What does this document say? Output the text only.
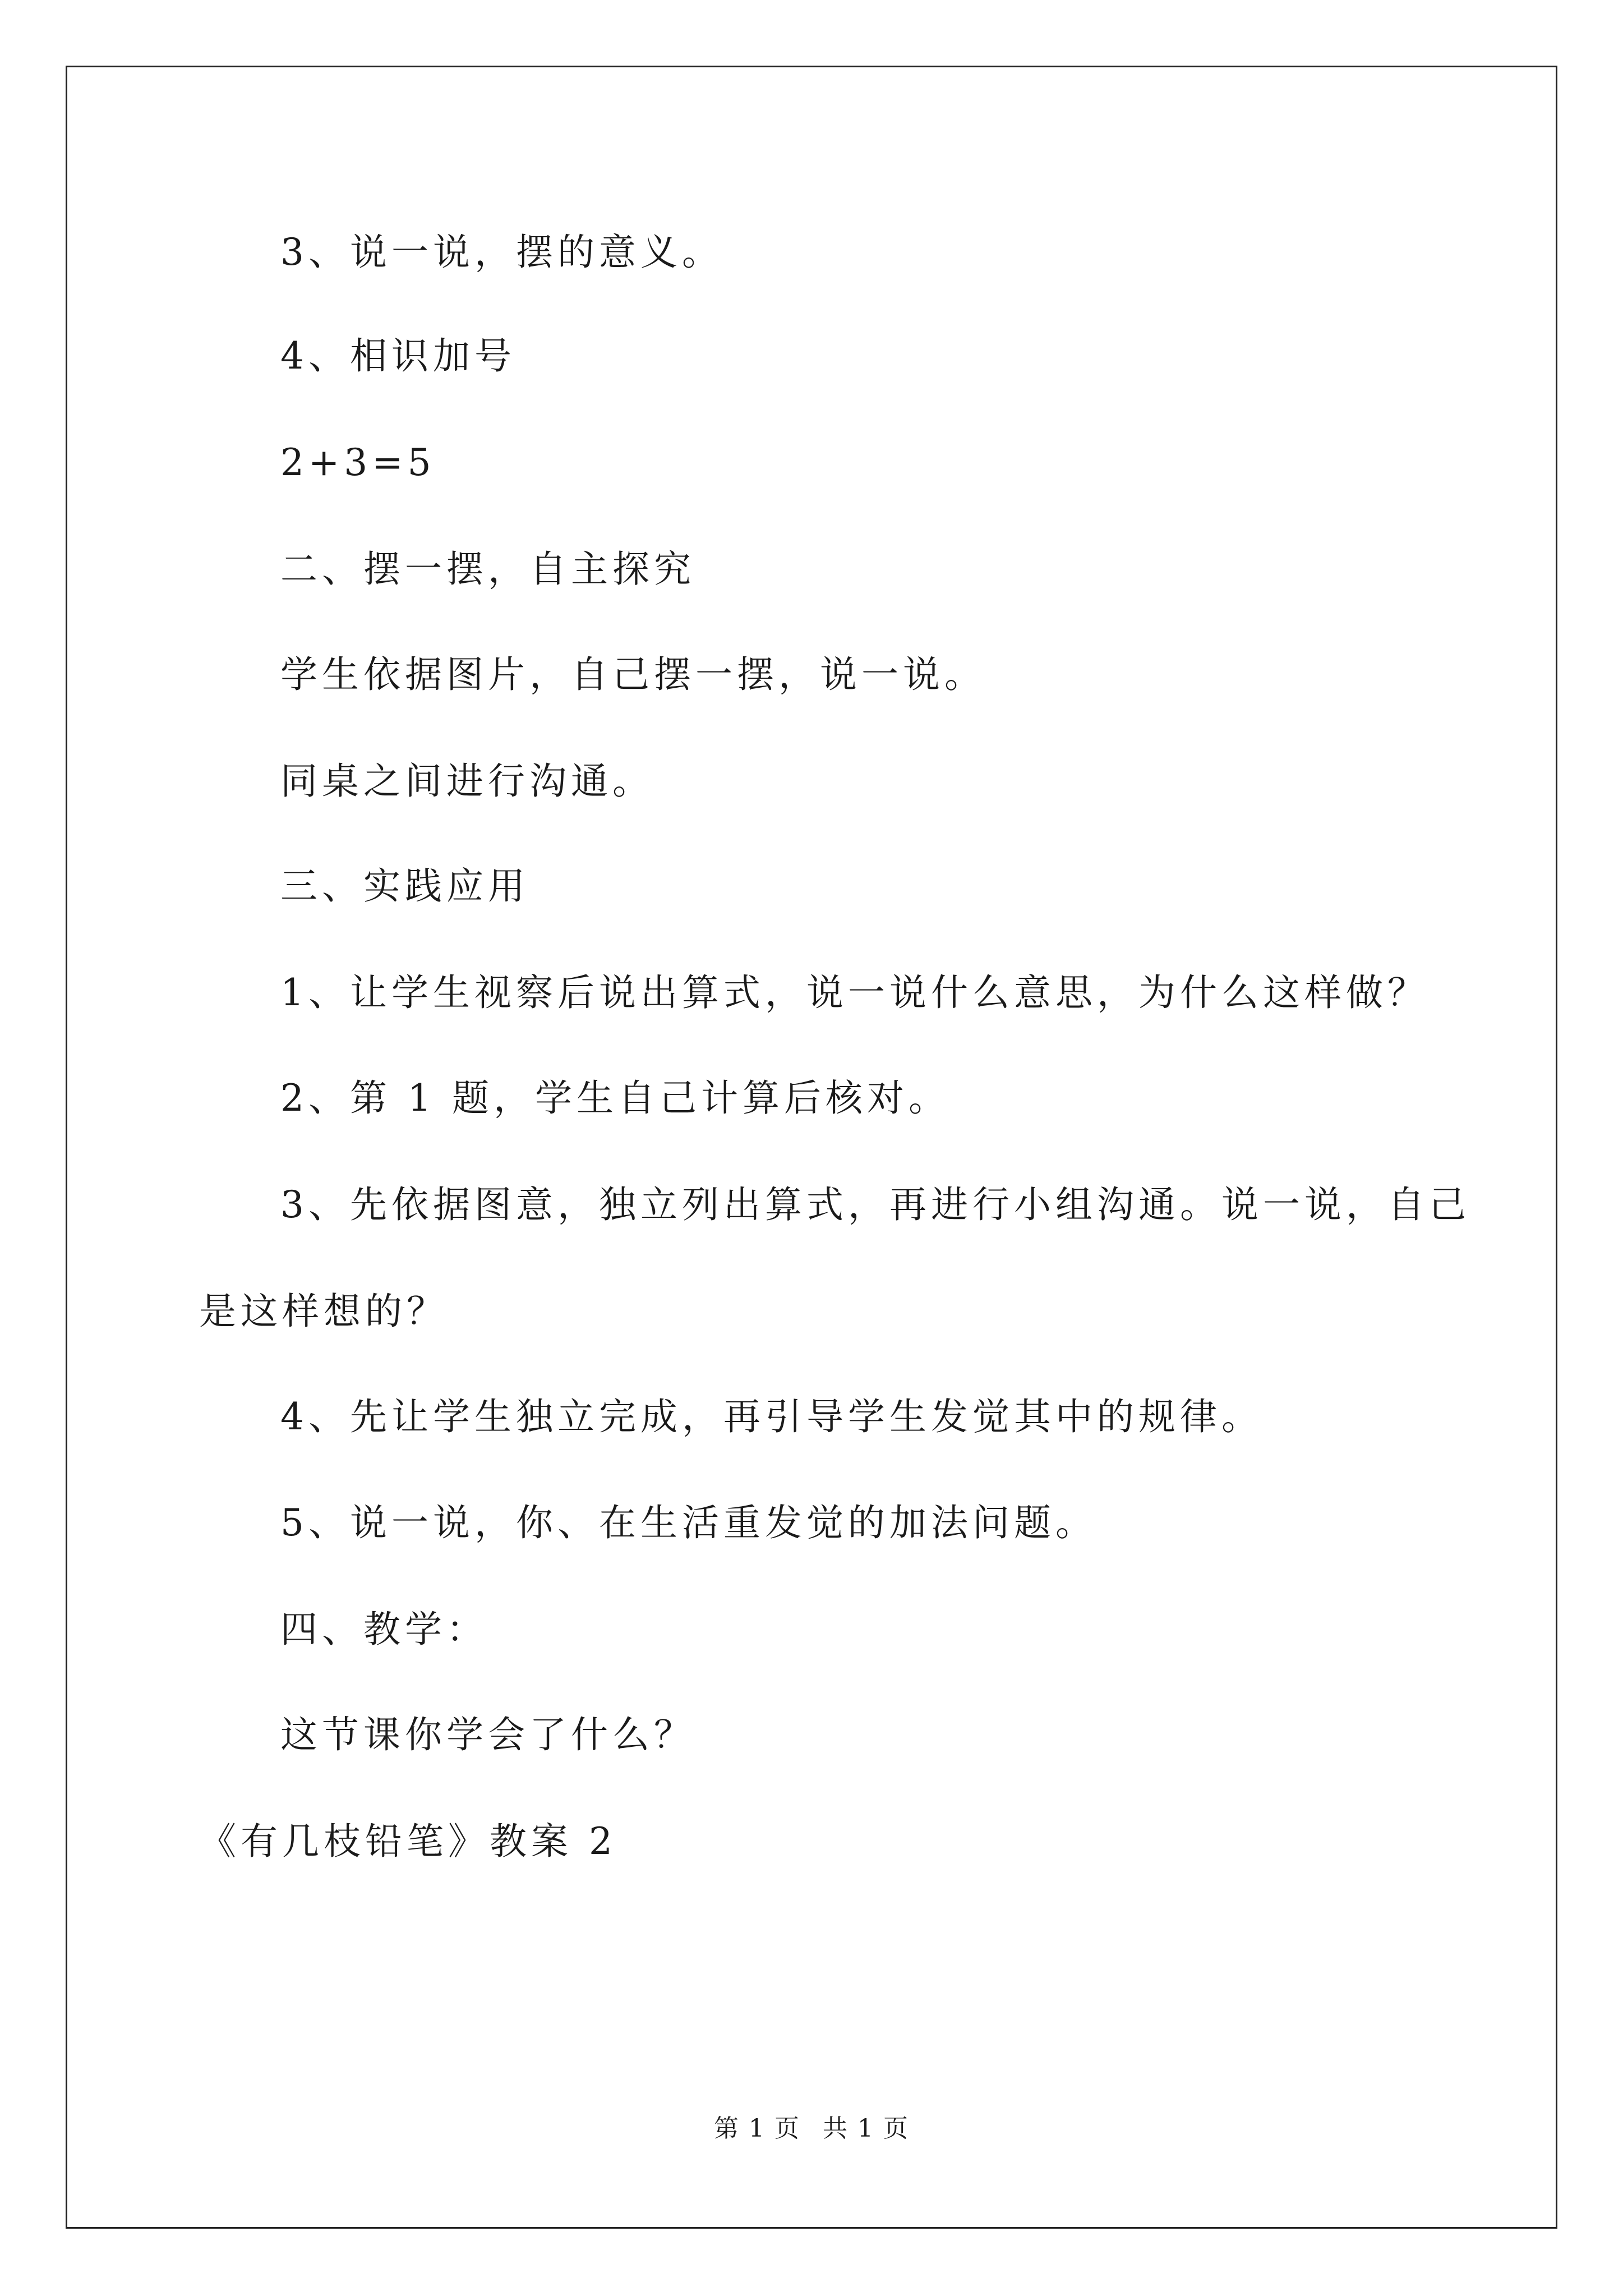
3、说一说，摆的意义。
4、相识加号
2+3=5
二、摆一摆，自主探究
学生依据图片，自己摆一摆，说一说。
同桌之间进行沟通。
三、实践应用
1、让学生视察后说出算式，说一说什么意思，为什么这样做？
2、第 1 题，学生自己计算后核对。
3、先依据图意，独立列出算式，再进行小组沟通。说一说，自己
是这样想的？
4、先让学生独立完成，再引导学生发觉其中的规律。
5、说一说，你、在生活重发觉的加法问题。
四、教学：
这节课你学会了什么？
《有几枝铅笔》教案 2
第 1 页 共 1 页
